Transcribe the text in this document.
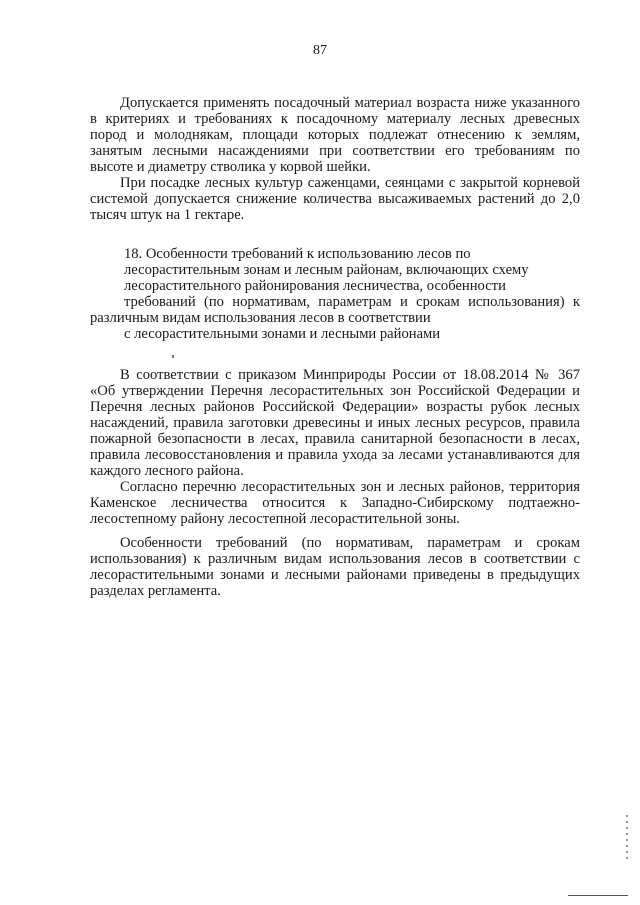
87

Допускается применять посадочный материал возраста ниже указанного в критериях и требованиях к посадочному материалу лесных древесных пород и молоднякам, площади которых подлежат отнесению к землям, занятым лесными насаждениями при соответствии его требованиям по высоте и диаметру стволика у корвой шейки.

При посадке лесных культур саженцами, сеянцами с закрытой корневой системой допускается снижение количества высаживаемых растений до 2,0 тысяч штук на 1 гектаре.

18. Особенности требований к использованию лесов по
лесорастительным зонам и лесным районам, включающих схему
лесорастительного районирования лесничества, особенности
требований (по нормативам, параметрам и срокам использования) к
различным видам использования лесов в соответствии
с лесорастительными зонами и лесными районами

В соответствии с приказом Минприроды России от 18.08.2014 № 367 «Об утверждении Перечня лесорастительных зон Российской Федерации и Перечня лесных районов Российской Федерации» возрасты рубок лесных насаждений, правила заготовки древесины и иных лесных ресурсов, правила пожарной безопасности в лесах, правила санитарной безопасности в лесах, правила лесовосстановления и правила ухода за лесами устанавливаются для каждого лесного района.

Согласно перечню лесорастительных зон и лесных районов, территория Каменское лесничества относится к Западно-Сибирскому подтаежно-лесостепному району лесостепной лесорастительной зоны.

Особенности требований (по нормативам, параметрам и срокам использования) к различным видам использования лесов в соответствии с лесорастительными зонами и лесными районами приведены в предыдущих разделах регламента.
